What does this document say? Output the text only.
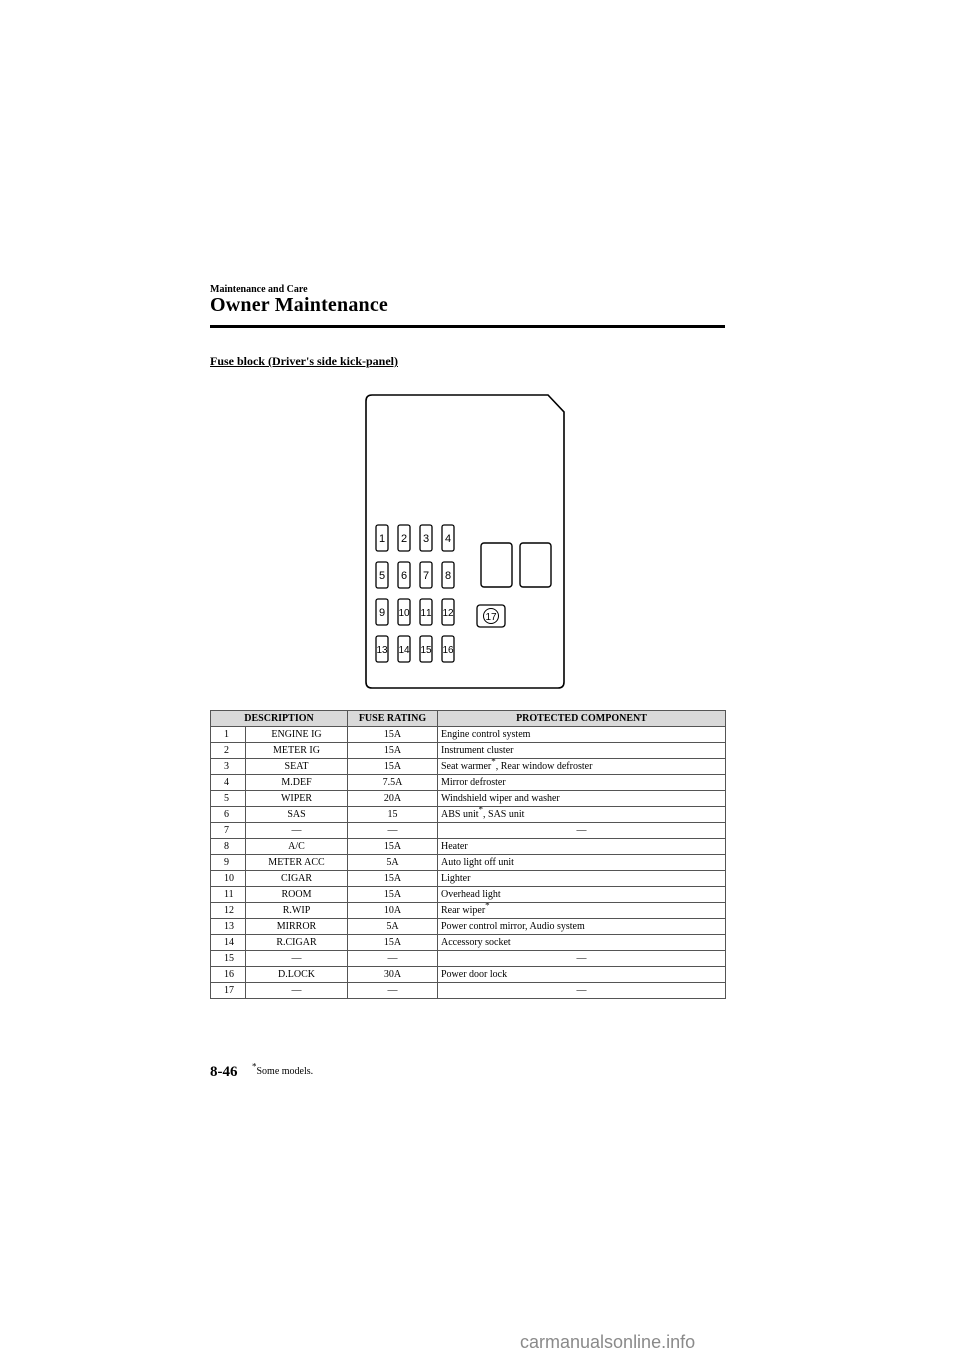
Maintenance and Care
Owner Maintenance
Fuse block (Driver's side kick-panel)
1 2 3 4
5 6 7 8
9 10 11 12
13 14 15 16
17
DESCRIPTION		FUSE RATING	PROTECTED COMPONENT
1	ENGINE IG	15A	Engine control system
2	METER IG	15A	Instrument cluster
3	SEAT	15A	Seat warmer*, Rear window defroster
4	M.DEF	7.5A	Mirror defroster
5	WIPER	20A	Windshield wiper and washer
6	SAS	15	ABS unit*, SAS unit
7	—	—	—
8	A/C	15A	Heater
9	METER ACC	5A	Auto light off unit
10	CIGAR	15A	Lighter
11	ROOM	15A	Overhead light
12	R.WIP	10A	Rear wiper*
13	MIRROR	5A	Power control mirror, Audio system
14	R.CIGAR	15A	Accessory socket
15	—	—	—
16	D.LOCK	30A	Power door lock
17	—	—	—
8-46 *Some models.
carmanualsonline.info
